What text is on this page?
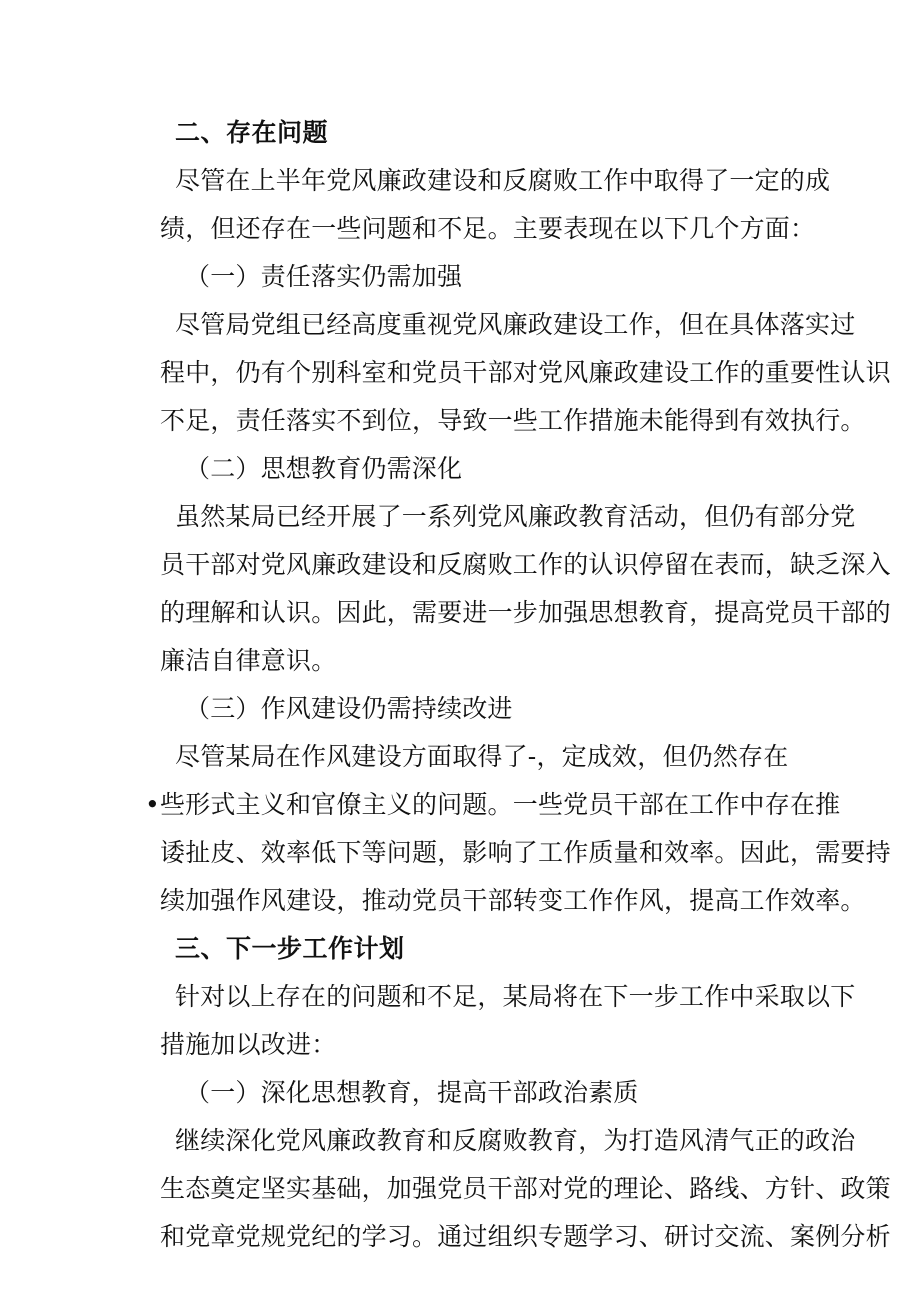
二、存在问题
尽管在上半年党风廉政建设和反腐败工作中取得了一定的成
绩，但还存在一些问题和不足。主要表现在以下几个方面：
（一）责任落实仍需加强
尽管局党组已经高度重视党风廉政建设工作，但在具体落实过
程中，仍有个别科室和党员干部对党风廉政建设工作的重要性认识
不足，责任落实不到位，导致一些工作措施未能得到有效执行。
（二）思想教育仍需深化
虽然某局已经开展了一系列党风廉政教育活动，但仍有部分党
员干部对党风廉政建设和反腐败工作的认识停留在表而，缺乏深入
的理解和认识。因此，需要进一步加强思想教育，提高党员干部的
廉洁自律意识。
（三）作风建设仍需持续改进
尽管某局在作风建设方面取得了-，定成效，但仍然存在
•些形式主义和官僚主义的问题。一些党员干部在工作中存在推
诿扯皮、效率低下等问题，影响了工作质量和效率。因此，需要持
续加强作风建设，推动党员干部转变工作作风，提高工作效率。
三、下一步工作计划
针对以上存在的问题和不足，某局将在下一步工作中采取以下
措施加以改进：
（一）深化思想教育，提高干部政治素质
继续深化党风廉政教育和反腐败教育，为打造风清气正的政治
生态奠定坚实基础，加强党员干部对党的理论、路线、方针、政策
和党章党规党纪的学习。通过组织专题学习、研讨交流、案例分析
